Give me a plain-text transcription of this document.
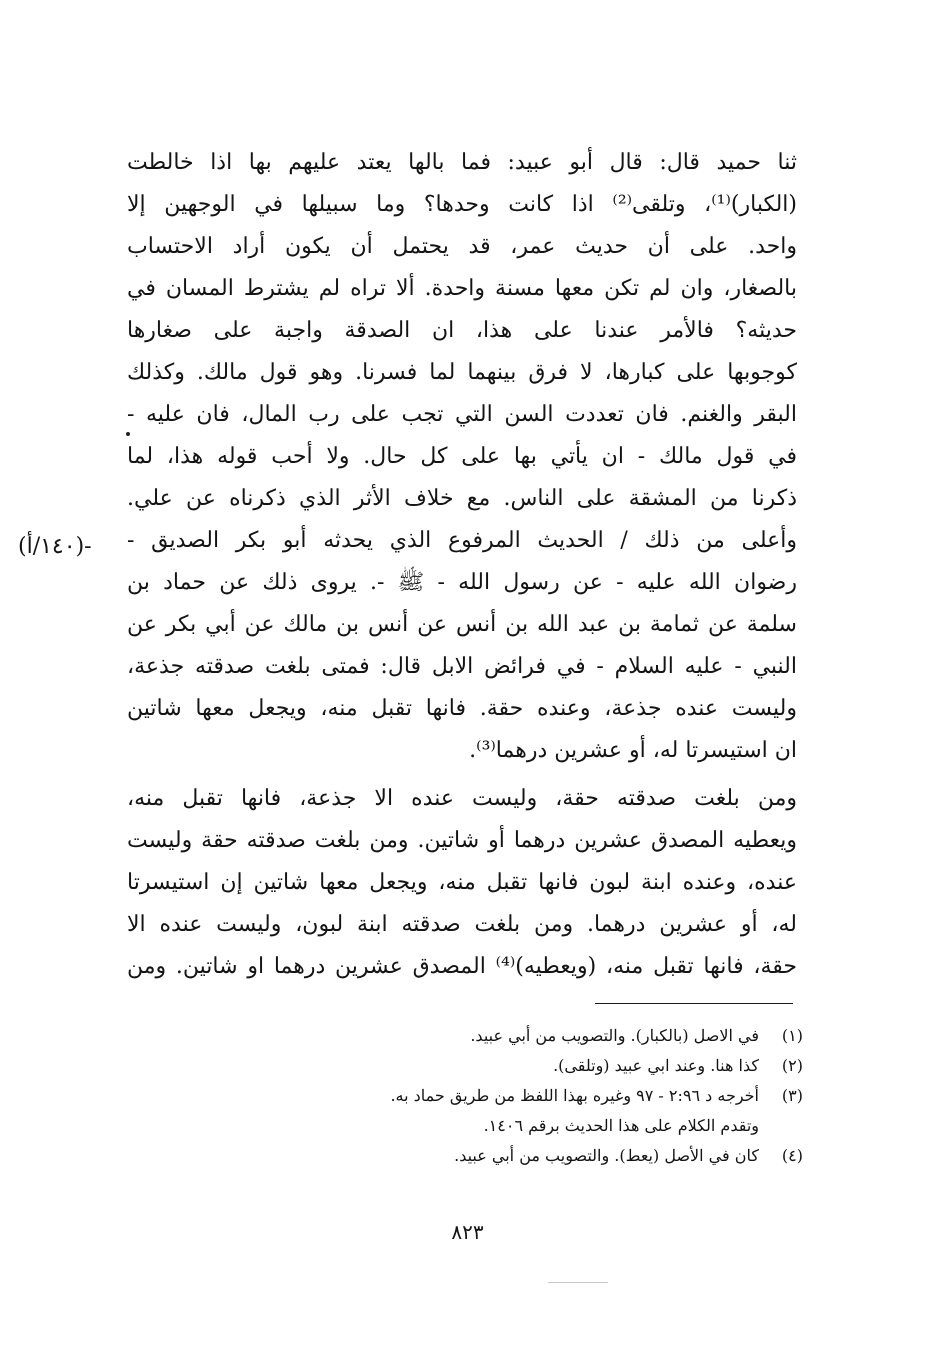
ثنا حميد قال: قال أبو عبيد: فما بالها يعتد عليهم بها اذا خالطت
(الكبار)⁽¹⁾، وتلقى⁽²⁾ اذا كانت وحدها؟ وما سبيلها في الوجهين إلا
واحد. على أن حديث عمر، قد يحتمل أن يكون أراد الاحتساب
بالصغار، وان لم تكن معها مسنة واحدة. ألا تراه لم يشترط المسان في
حديثه؟ فالأمر عندنا على هذا، ان الصدقة واجبة على صغارها
كوجوبها على كبارها، لا فرق بينهما لما فسرنا. وهو قول مالك. وكذلك
البقر والغنم. فان تعددت السن التي تجب على رب المال، فان عليه -
في قول مالك - ان يأتي بها على كل حال. ولا أحب قوله هذا، لما
ذكرنا من المشقة على الناس. مع خلاف الأثر الذي ذكرناه عن علي.
وأعلى من ذلك / الحديث المرفوع الذي يحدثه أبو بكر الصديق -
رضوان الله عليه - عن رسول الله - ﷺ -. يروى ذلك عن حماد بن
سلمة عن ثمامة بن عبد الله بن أنس عن أنس بن مالك عن أبي بكر عن
النبي - عليه السلام - في فرائض الابل قال: فمتى بلغت صدقته جذعة،
وليست عنده جذعة، وعنده حقة. فانها تقبل منه، ويجعل معها شاتين
ان استيسرتا له، أو عشرين درهما⁽³⁾.
-(١٤٠/أ)
ومن بلغت صدقته حقة، وليست عنده الا جذعة، فانها تقبل منه،
ويعطيه المصدق عشرين درهما أو شاتين. ومن بلغت صدقته حقة وليست
عنده، وعنده ابنة لبون فانها تقبل منه، ويجعل معها شاتين إن استيسرتا
له، أو عشرين درهما. ومن بلغت صدقته ابنة لبون، وليست عنده الا
حقة، فانها تقبل منه، (ويعطيه)⁽⁴⁾ المصدق عشرين درهما او شاتين. ومن
(١)
في الاصل (بالكبار). والتصويب من أبي عبيد.
(٢)
كذا هنا. وعند ابي عبيد (وتلقى).
(٣)
أخرجه د ٢:٩٦ - ٩٧ وغيره بهذا اللفظ من طريق حماد به.
وتقدم الكلام على هذا الحديث برقم ١٤٠٦.
(٤)
كان في الأصل (يعط). والتصويب من أبي عبيد.
٨٢٣
